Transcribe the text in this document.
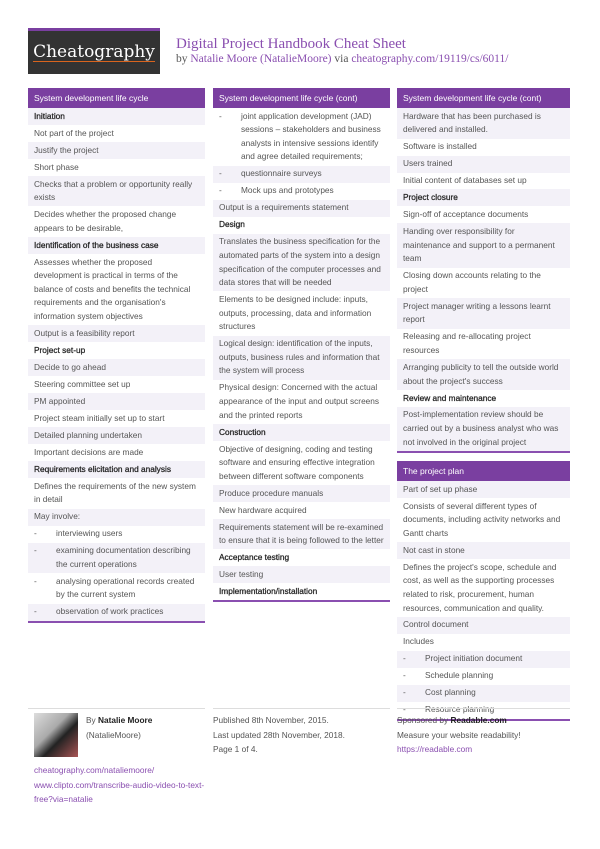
Cheatography Digital Project Handbook Cheat Sheet
by Natalie Moore (NatalieMoore) via cheatography.com/19119/cs/6011/
System development life cycle
Initiation
Not part of the project
Justify the project
Short phase
Checks that a problem or opportunity really exists
Decides whether the proposed change appears to be desirable,
Identification of the business case
Assesses whether the proposed development is practical in terms of the balance of costs and benefits the technical requirements and the organisation's information system objectives
Output is a feasibility report
Project set-up
Decide to go ahead
Steering committee set up
PM appointed
Project steam initially set up to start
Detailed planning undertaken
Important decisions are made
Requirements elicitation and analysis
Defines the requirements of the new system in detail
May involve:
-	interviewing users
-	examining documentation describing the current operations
-	analysing operational records created by the current system
-	observation of work practices
System development life cycle (cont)
-	joint application development (JAD) sessions – stakeholders and business analysts in intensive sessions identify and agree detailed requirements;
-	questionnaire surveys
-	Mock ups and prototypes
Output is a requirements statement
Design
Translates the business specification for the automated parts of the system into a design specification of the computer processes and data stores that will be needed
Elements to be designed include: inputs, outputs, processing, data and information structures
Logical design: identification of the inputs, outputs, business rules and information that the system will process
Physical design: Concerned with the actual appearance of the input and output screens and the printed reports
Construction
Objective of designing, coding and testing software and ensuring effective integration between different software components
Produce procedure manuals
New hardware acquired
Requirements statement will be re-examined to ensure that it is being followed to the letter
Acceptance testing
User testing
Implementation/installation
System development life cycle (cont)
Hardware that has been purchased is delivered and installed.
Software is installed
Users trained
Initial content of databases set up
Project closure
Sign-off of acceptance documents
Handing over responsibility for maintenance and support to a permanent team
Closing down accounts relating to the project
Project manager writing a lessons learnt report
Releasing and re-allocating project resources
Arranging publicity to tell the outside world about the project's success
Review and maintenance
Post-implementation review should be carried out by a business analyst who was not involved in the original project
The project plan
Part of set up phase
Consists of several different types of documents, including activity networks and Gantt charts
Not cast in stone
Defines the project's scope, schedule and cost, as well as the supporting processes related to risk, procurement, human resources, communication and quality.
Control document
Includes
-	Project initiation document
-	Schedule planning
-	Cost planning
-	Resource planning
By Natalie Moore
(NatalieMoore)
cheatography.com/nataliemoore/
www.clipto.com/transcribe-audio-video-to-text-free?via=natalie
Published 8th November, 2015.
Last updated 28th November, 2018.
Page 1 of 4.
Sponsored by Readable.com
Measure your website readability!
https://readable.com
